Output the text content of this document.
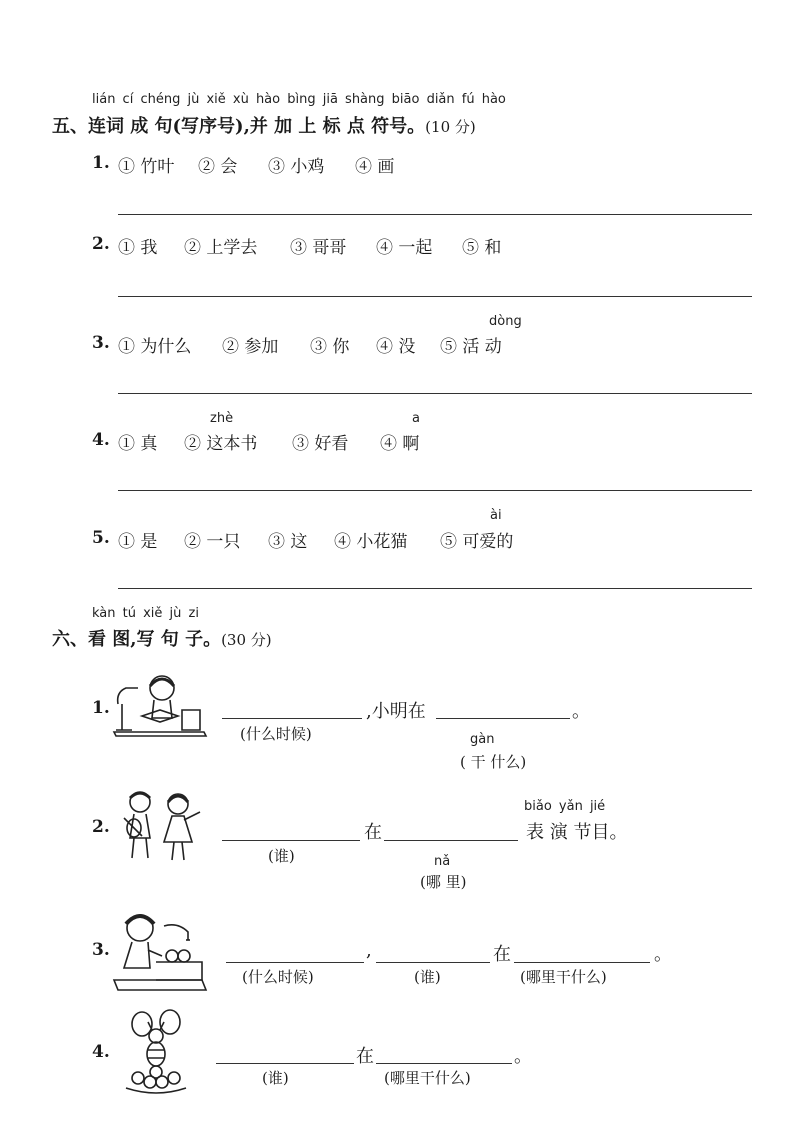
lián cí chéng jù xiě xù hào bìng jiā shàng biāo diǎn fú hào
五、连词 成 句(写序号),并 加 上 标 点 符号。(10 分)
1. ① 竹叶 ② 会 ③ 小鸡 ④ 画
2. ① 我 ② 上学去 ③ 哥哥 ④ 一起 ⑤ 和
dòng
3. ① 为什么 ② 参加 ③ 你 ④ 没 ⑤ 活 动
zhè	a
4. ① 真 ② 这本书 ③ 好看 ④ 啊
ài
5. ① 是 ② 一只 ③ 这 ④ 小花猫 ⑤ 可爱的
kàn tú xiě jù zi
六、看 图,写 句 子。(30 分)
1.	,小明在	。
(什么时候)	gàn
( 干 什么)
biǎo yǎn jié
2.	在	表 演 节目。
(谁)	nǎ
(哪 里)
3.	,	在	。
(什么时候)	(谁)	(哪里干什么)
4.	在	。
(谁)	(哪里干什么)
